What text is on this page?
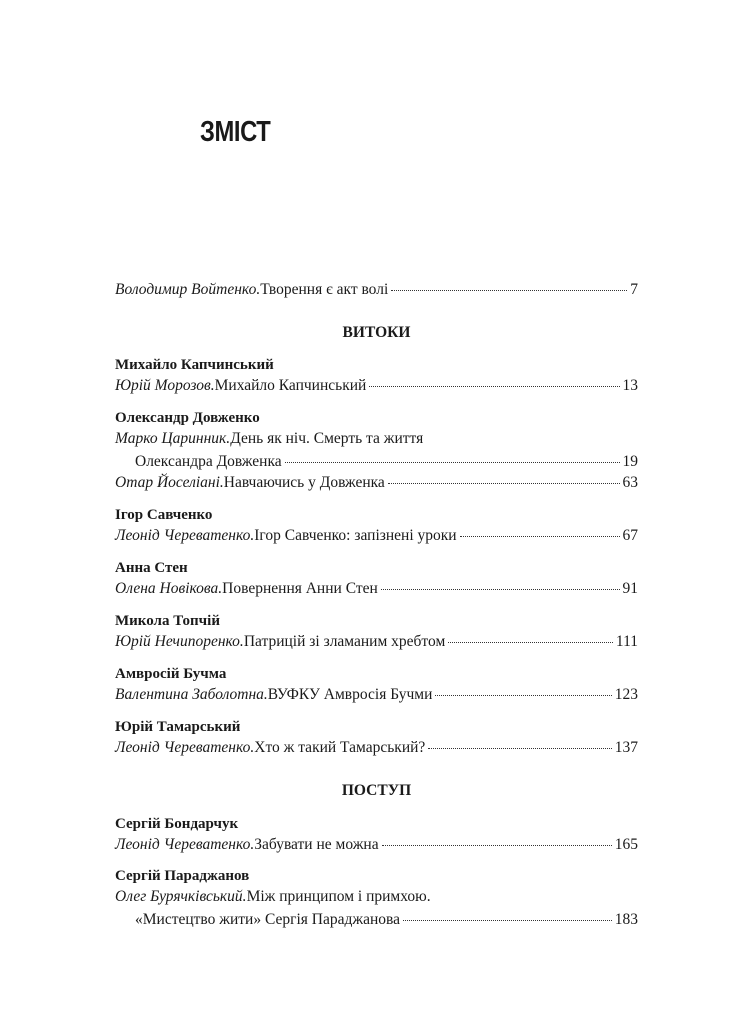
ЗМІСТ
Володимир Войтенко. Творення є акт волі	7
ВИТОКИ
Михайло Капчинський
Юрій Морозов. Михайло Капчинський	13
Олександр Довженко
Марко Царинник. День як ніч. Смерть та життя
Олександра Довженка	19
Отар Йоселіані. Навчаючись у Довженка	63
Ігор Савченко
Леонід Череватенко. Ігор Савченко: запізнені уроки	67
Анна Стен
Олена Новікова. Повернення Анни Стен	91
Микола Топчій
Юрій Нечипоренко. Патрицій зі зламаним хребтом	111
Амвросій Бучма
Валентина Заболотна. ВУФКУ Амвросія Бучми	123
Юрій Тамарський
Леонід Череватенко. Хто ж такий Тамарський?	137
ПОСТУП
Сергій Бондарчук
Леонід Череватенко. Забувати не можна	165
Сергій Параджанов
Олег Бурячківський. Між принципом і примхою.
«Мистецтво жити» Сергія Параджанова	183
